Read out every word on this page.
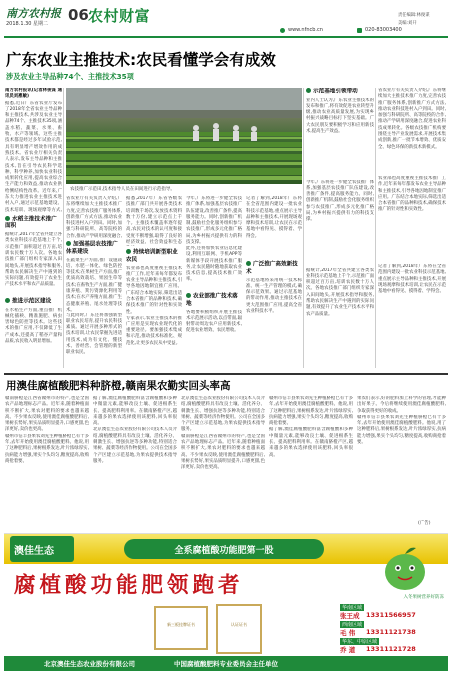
南方农村报
2018.1.30 星期二 06 农村财富	责任编辑:林俊谋
美编:刘开
www.nfncb.cn	020-83003400
广东农业主推技术:农民看懂学会有成效
涉及农业主导品种74个、主推技术35项
南方农村报讯(记者林俊谋 通讯员刘惠敏)
据悉,近日广东省农业厅发布了2018年全省农业主导品种和主推技术,共涉及农业主导品种74个、主推技术35项,涵盖水稻、蔬菜、水果、畜牧、水产等领域。这些主推技术都是经过多年试验示范,具有明显增产增效作用的成熟技术。省农业厅相关负责人表示,发布主导品种和主推技术,旨在引导农民科学选种、科学种养,加快农业科技成果转化应用,提高农业综合生产能力和效益,推动农业供给侧结构性改革。近年来,广东大力推进农业主推技术进村入户,通过示范基地建设、技术培训、现场观摩等方式,
水稻主推技术推广面积
据统计,2017年全省共建立各类农业科技示范基地上千个,示范推广面积超过百万亩,培训农民数十万人次。各地农技推广部门组织专家深入田间地头,开展技术指导和服务,帮助农民解决生产中遇到的实际问题,有效提升了农业生产技术水平和农产品质量。
推进示范区建设
在水稻生产方面,重点推广机械化插秧、精准施肥、病虫害绿色防控等技术。这些技术的推广应用,不仅降低了生产成本,还提高了稻谷产量和品质,农民收入明显增加。
农技推广示范田,技术指导人员在田间进行示范指导。
省农业厅有关负责人介绍,广东将继续加大主推技术推广力度,完善农技推广服务体系,创新推广方式方法,推动农业科技进村入户到田。同时,加强与科研院所、高等院校的合作,推动产学研用深度融合,
加强基层农技推广体系建设
在蔬菜生产方面,推广设施栽培、水肥一体化、绿色防控等技术;在果树生产方面,推广优质高效栽培、果园生草等技术;在畜牧生产方面,推广健康养殖、粪污资源化利用等技术;在水产养殖方面,推广生态健康养殖、尾水处理等技术。
与此同时,广东还将加强新型职业农民培育,提升农民科技素质。通过开展多种形式的技术培训,让农民掌握先进适用技术,成为有文化、懂技术、善经营、会管理的新型职业农民。
据悉,2017年广东省各级农技推广部门共开展各类技术培训数千场次,发放技术资料数十万份,建立示范点上千个。主推技术覆盖率逐年提高,农民对技术的认可度和接受度不断增强,取得了良好的经济效益、社会效益和生态
持续培训新型职业农民
农业部也高度重视主推技术推广工作,近年来每年都发布农业主导品种和主推技术,引导各地因地制宜推广应用。广东结合本地实际,筛选出适合本省推广的品种和技术,确保技术推广的针对性和实效性。
专家表示,农业主推技术的推广应用是实现农业现代化的重要途径。要加强技术集成和示范,推动技术标准化、规范化,让更多农民从中受益。
今年,广东将进一步健全农技推广体系,加强基层农技推广队伍建设,改善推广条件,提高服务能力。同时,创新推广机制,鼓励社会化服务组织参与农技推广,形成多元化推广格局,为乡村振兴提供有力的科技支撑。
此外,还将加快农业信息化建设,利用互联网、手机APP等新媒体手段开展技术推广服务,让农民随时随地获取农业技术信息,提高技术推广效率。
农业部推广技术落地
各地要积极组织开展主推技术示范展示活动,以点带面,辐射带动周边农户应用新技术,促进农业增效、农民增收。
记者了解到,2018年广东将在全省范围内建设一批农业科技示范基地,重点展示主导品种和主推技术,开展现场观摩和技术培训,让农民在示范基地中看得见、摸得着、学得会。
广泛推广高效新技术
示范基地将采用统一技术标准、统一生产管理的模式,确保示范效果。通过示范基地的带动作用,推动主推技术在更大范围推广应用,提高全省农业科技水平。
示范基地引领带动
业内人士认为,广东农业主推技术的发布和推广,将有效促进农业转型升级,推动农业高质量发展,为实现乡村振兴战略目标打下坚实基础。广大农民朋友要积极学习和应用新技术,提高生产效益。
今年,广东将进一步健全农技推广体系,加强基层农技推广队伍建设,改善推广条件,提高服务能力。同时,创新推广机制,鼓励社会化服务组织参与农技推广,形成多元化推广格局,为乡村振兴提供有力的科技支撑。
据统计,2017年全省共建立各类农业科技示范基地上千个,示范推广面积超过百万亩,培训农民数十万人次。各地农技推广部门组织专家深入田间地头,开展技术指导和服务,帮助农民解决生产中遇到的实际问题,有效提升了农业生产技术水平和农产品质量。
省农业厅有关负责人介绍,广东将继续加大主推技术推广力度,完善农技推广服务体系,创新推广方式方法,推动农业科技进村入户到田。同时,加强与科研院所、高等院校的合作,推动产学研用深度融合,促进农业科技成果转化。各级农技推广机构要围绕主导产业发展需求,开展技术集成创新,推广一批节本增效、优质安全、绿色环保的新技术新模式。
农业部也高度重视主推技术推广工作,近年来每年都发布农业主导品种和主推技术,引导各地因地制宜推广应用。广东结合本地实际,筛选出适合本省推广的品种和技术,确保技术推广的针对性和实效性。
记者了解到,2018年广东将在全省范围内建设一批农业科技示范基地,重点展示主导品种和主推技术,开展现场观摩和技术培训,让农民在示范基地中看得见、摸得着、学得会。
用澳佳腐植酸肥料种脐橙,赣南果农勤实回头率高
赣南脐橙是江西省赣州市的特产,也是全国农产品地理标志产品。近年来,随着种植面积不断扩大,果农对肥料的要求也越来越高。不少果农反映,使用澳佳腐植酸肥料后,果树长势好,果实品质明显提升,口感更甜,色泽更好,卖价也更高。
赣州市信丰县果农刘先生种植脐橙已有十多年,去年开始使用澳佳腐植酸肥料。他说,用了这种肥料后,果树根系发达,叶片浓绿厚实,抗病能力增强,果实个头均匀,糖度提高,收购商抢着要。
据了解,澳佳腐植酸肥料富含腐植酸和多种中微量元素,能够改良土壤、促进根系生长、提高肥料利用率。在赣南脐橙产区,越来越多的果农选择使用该肥料,回头率很高。
北京澳佳生态农业股份有限公司技术人员介绍,腐植酸肥料具有改良土壤、活化养分、刺激生长、增强抗逆等多种功能,特别适合果树、蔬菜等经济作物使用。公司在全国多个产区建立示范基地,为果农提供技术指导服务。
北京澳佳生态农业股份有限公司技术人员介绍,腐植酸肥料具有改良土壤、活化养分、刺激生长、增强抗逆等多种功能,特别适合果树、蔬菜等经济作物使用。公司在全国多个产区建立示范基地,为果农提供技术指导服务。
赣南脐橙是江西省赣州市的特产,也是全国农产品地理标志产品。近年来,随着种植面积不断扩大,果农对肥料的要求也越来越高。不少果农反映,使用澳佳腐植酸肥料后,果树长势好,果实品质明显提升,口感更甜,色泽更好,卖价也更高。
赣州市信丰县果农刘先生种植脐橙已有十多年,去年开始使用澳佳腐植酸肥料。他说,用了这种肥料后,果树根系发达,叶片浓绿厚实,抗病能力增强,果实个头均匀,糖度提高,收购商抢着要。
据了解,澳佳腐植酸肥料富含腐植酸和多种中微量元素,能够改良土壤、促进根系生长、提高肥料利用率。在赣南脐橙产区,越来越多的果农选择使用该肥料,回头率很高。
果农们表示,好的肥料加上科学的管理,才能种出好果子。今后将继续使用澳佳腐植酸肥料,争取获得更好的收成。
赣州市信丰县果农刘先生种植脐橙已有十多年,去年开始使用澳佳腐植酸肥料。他说,用了这种肥料后,果树根系发达,叶片浓绿厚实,抗病能力增强,果实个头均匀,糖度提高,收购商抢着要。
(广告)
澳佳生态	全系腐植酸功能肥第一股
腐植酸功能肥领跑者	入冬果树营养好防冻
新三板挂牌证书	认证证书
华南区域
张王成 13311566957
西南区域
毛 伟 13311121738
华东、中原区域
乔 道 13311121728
北京澳佳生态农业股份有限公司	中国腐植酸肥料专业委员会主任单位
